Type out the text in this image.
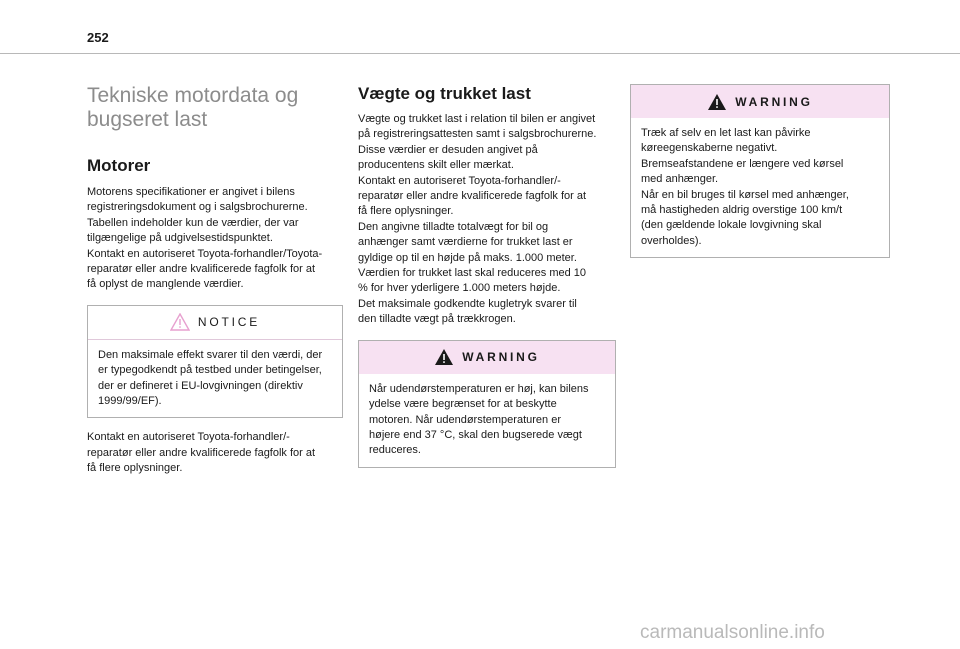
252
Tekniske motordata og
bugseret last
Motorer

Motorens specifikationer er angivet i bilens
registreringsdokument og i salgsbrochurerne.
Tabellen indeholder kun de værdier, der var
tilgængelige på udgivelsestidspunktet.
Kontakt en autoriseret Toyota-forhandler/Toyota-
reparatør eller andre kvalificerede fagfolk for at
få oplyst de manglende værdier.

NOTICE

Den maksimale effekt svarer til den værdi, der
er typegodkendt på testbed under betingelser,
der er defineret i EU-lovgivningen (direktiv
1999/99/EF).

Kontakt en autoriseret Toyota-forhandler/-
reparatør eller andre kvalificerede fagfolk for at
få flere oplysninger.

Vægte og trukket last

Vægte og trukket last i relation til bilen er angivet
på registreringsattesten samt i salgsbrochurerne.
Disse værdier er desuden angivet på
producentens skilt eller mærkat.
Kontakt en autoriseret Toyota-forhandler/-
reparatør eller andre kvalificerede fagfolk for at
få flere oplysninger.
Den angivne tilladte totalvægt for bil og
anhænger samt værdierne for trukket last er
gyldige op til en højde på maks. 1.000 meter.
Værdien for trukket last skal reduceres med 10
% for hver yderligere 1.000 meters højde.
Det maksimale godkendte kugletryk svarer til
den tilladte vægt på trækkrogen.

WARNING

Når udendørstemperaturen er høj, kan bilens
ydelse være begrænset for at beskytte
motoren. Når udendørstemperaturen er
højere end 37 °C, skal den bugserede vægt
reduceres.

WARNING

Træk af selv en let last kan påvirke
køreegenskaberne negativt.
Bremseafstandene er længere ved kørsel
med anhænger.
Når en bil bruges til kørsel med anhænger,
må hastigheden aldrig overstige 100 km/t
(den gældende lokale lovgivning skal
overholdes).

carmanualsonline.info
